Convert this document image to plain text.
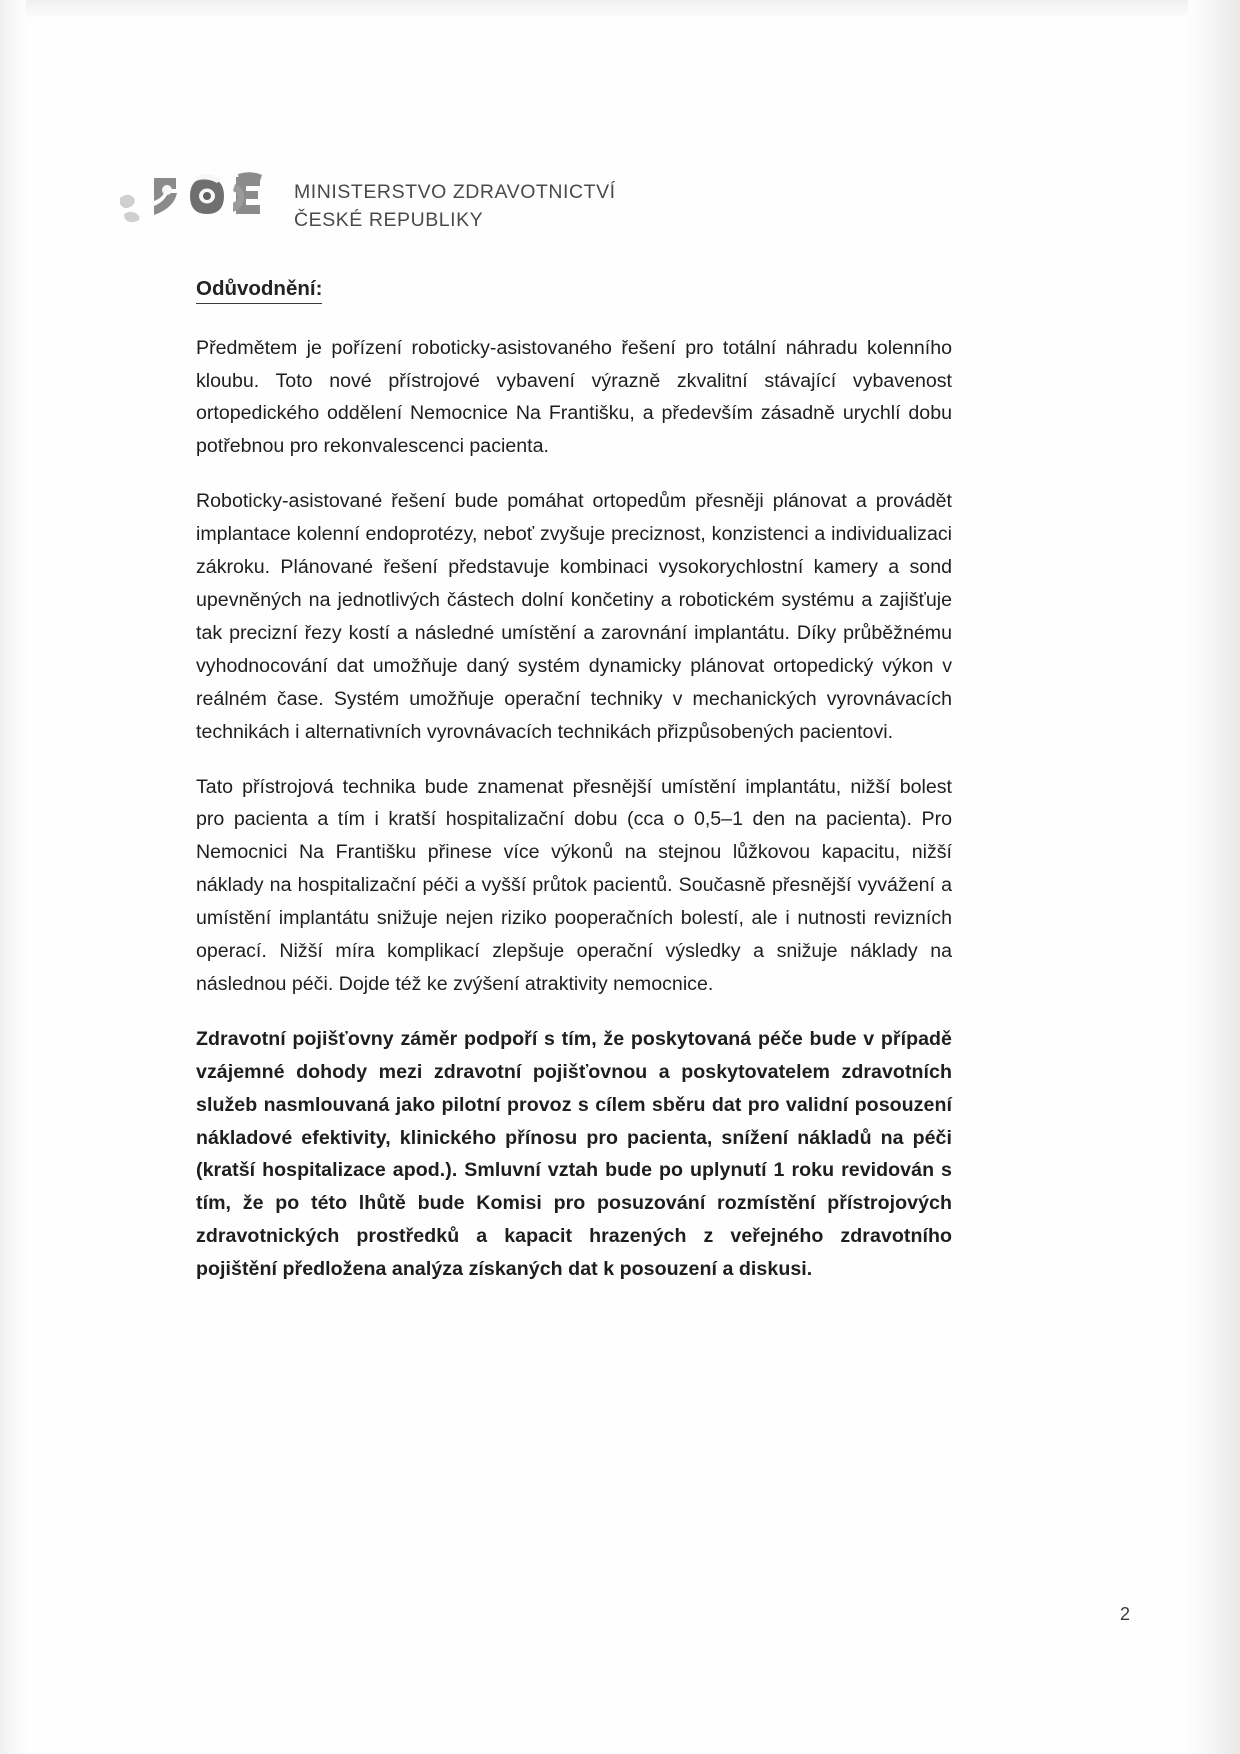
MINISTERSTVO ZDRAVOTNICTVÍ
ČESKÉ REPUBLIKY
Odůvodnění:

Předmětem je pořízení roboticky-asistovaného řešení pro totální náhradu kolenního kloubu. Toto nové přístrojové vybavení výrazně zkvalitní stávající vybavenost ortopedického oddělení Nemocnice Na Františku, a především zásadně urychlí dobu potřebnou pro rekonvalescenci pacienta.

Roboticky-asistované řešení bude pomáhat ortopedům přesněji plánovat a provádět implantace kolenní endoprotézy, neboť zvyšuje preciznost, konzistenci a individualizaci zákroku. Plánované řešení představuje kombinaci vysokorychlostní kamery a sond upevněných na jednotlivých částech dolní končetiny a robotickém systému a zajišťuje tak precizní řezy kostí a následné umístění a zarovnání implantátu. Díky průběžnému vyhodnocování dat umožňuje daný systém dynamicky plánovat ortopedický výkon v reálném čase. Systém umožňuje operační techniky v mechanických vyrovnávacích technikách i alternativních vyrovnávacích technikách přizpůsobených pacientovi.

Tato přístrojová technika bude znamenat přesnější umístění implantátu, nižší bolest pro pacienta a tím i kratší hospitalizační dobu (cca o 0,5–1 den na pacienta). Pro Nemocnici Na Františku přinese více výkonů na stejnou lůžkovou kapacitu, nižší náklady na hospitalizační péči a vyšší průtok pacientů. Současně přesnější vyvážení a umístění implantátu snižuje nejen riziko pooperačních bolestí, ale i nutnosti revizních operací. Nižší míra komplikací zlepšuje operační výsledky a snižuje náklady na následnou péči. Dojde též ke zvýšení atraktivity nemocnice.

Zdravotní pojišťovny záměr podpoří s tím, že poskytovaná péče bude v případě vzájemné dohody mezi zdravotní pojišťovnou a poskytovatelem zdravotních služeb nasmlouvaná jako pilotní provoz s cílem sběru dat pro validní posouzení nákladové efektivity, klinického přínosu pro pacienta, snížení nákladů na péči (kratší hospitalizace apod.). Smluvní vztah bude po uplynutí 1 roku revidován s tím, že po této lhůtě bude Komisi pro posuzování rozmístění přístrojových zdravotnických prostředků a kapacit hrazených z veřejného zdravotního pojištění předložena analýza získaných dat k posouzení a diskusi.

2
